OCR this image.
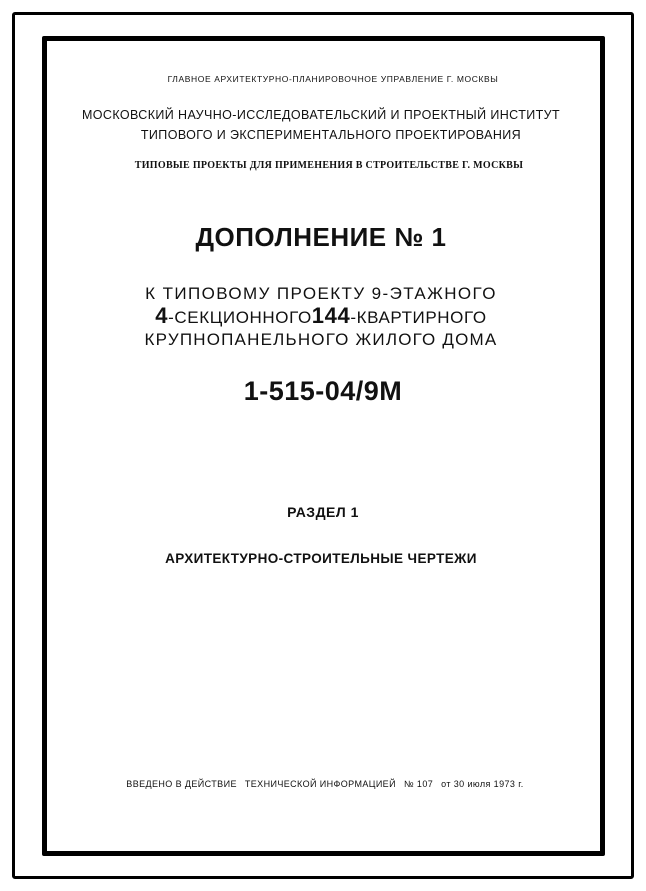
ГЛАВНОЕ АРХИТЕКТУРНО-ПЛАНИРОВОЧНОЕ УПРАВЛЕНИЕ Г. МОСКВЫ
МОСКОВСКИЙ НАУЧНО-ИССЛЕДОВАТЕЛЬСКИЙ И ПРОЕКТНЫЙ ИНСТИТУТ
ТИПОВОГО И ЭКСПЕРИМЕНТАЛЬНОГО ПРОЕКТИРОВАНИЯ
ТИПОВЫЕ ПРОЕКТЫ ДЛЯ ПРИМЕНЕНИЯ В СТРОИТЕЛЬСТВЕ Г. МОСКВЫ
ДОПОЛНЕНИЕ № 1
К ТИПОВОМУ ПРОЕКТУ 9-ЭТАЖНОГО
4-СЕКЦИОННОГО144-КВАРТИРНОГО
КРУПНОПАНЕЛЬНОГО ЖИЛОГО ДОМА
1-515-04/9М
РАЗДЕЛ 1
АРХИТЕКТУРНО-СТРОИТЕЛЬНЫЕ ЧЕРТЕЖИ
ВВЕДЕНО В ДЕЙСТВИЕ ТЕХНИЧЕСКОЙ ИНФОРМАЦИЕЙ № 107 от 30 июля 1973 г.
